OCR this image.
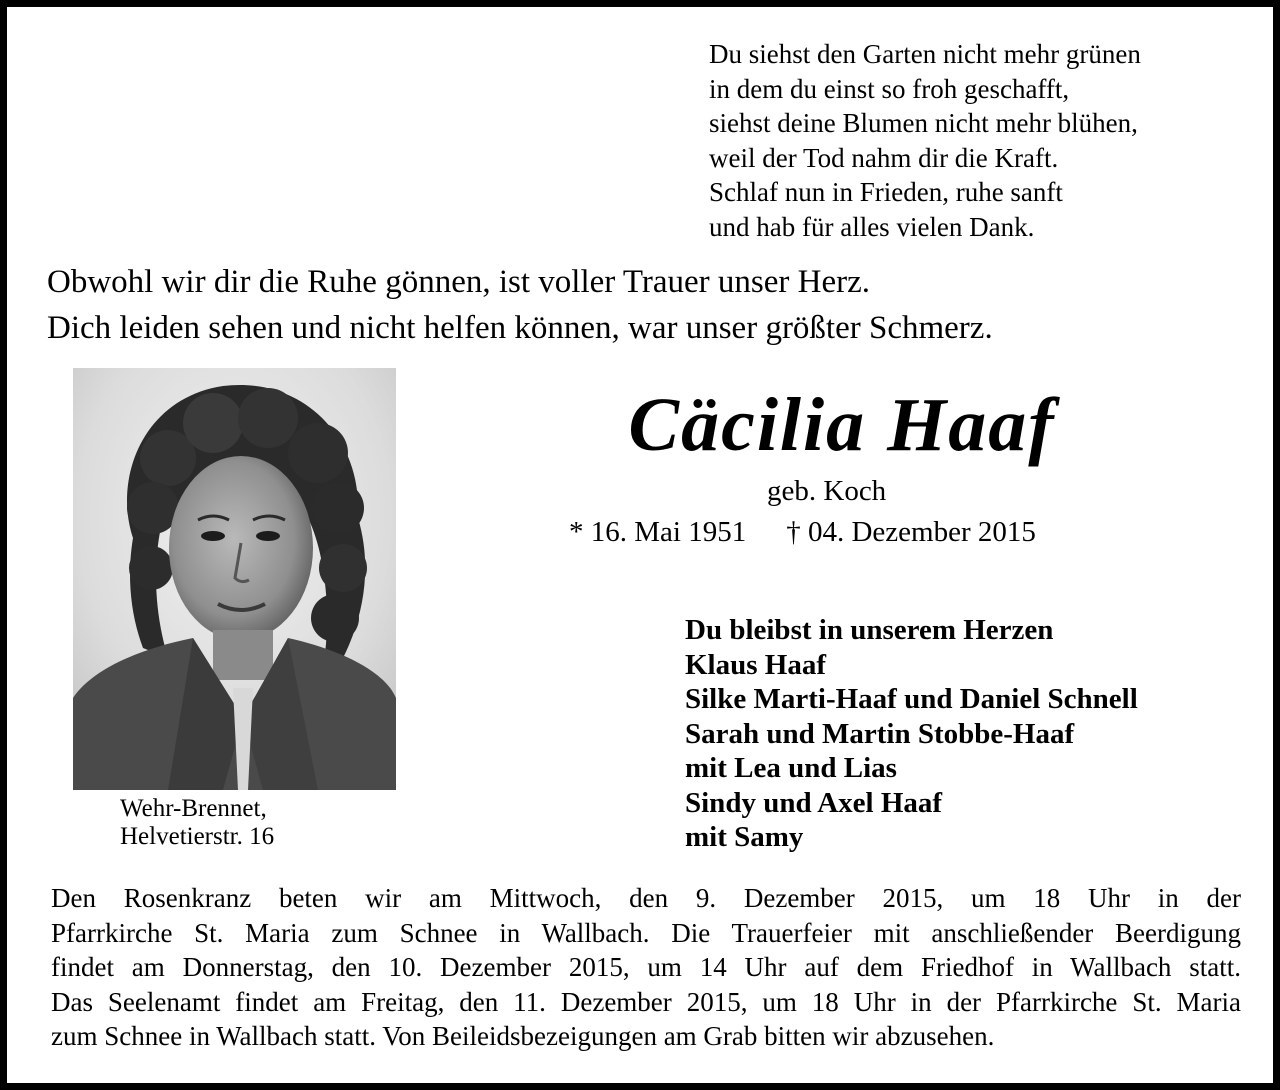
Du siehst den Garten nicht mehr grünen
in dem du einst so froh geschafft,
siehst deine Blumen nicht mehr blühen,
weil der Tod nahm dir die Kraft.
Schlaf nun in Frieden, ruhe sanft
und hab für alles vielen Dank.
Obwohl wir dir die Ruhe gönnen, ist voller Trauer unser Herz.
Dich leiden sehen und nicht helfen können, war unser größter Schmerz.
Wehr-Brennet,
Helvetierstr. 16
Cäcilia Haaf
geb. Koch
* 16. Mai 1951 † 04. Dezember 2015
Du bleibst in unserem Herzen
Klaus Haaf
Silke Marti-Haaf und Daniel Schnell
Sarah und Martin Stobbe-Haaf
mit Lea und Lias
Sindy und Axel Haaf
mit Samy
Den Rosenkranz beten wir am Mittwoch, den 9. Dezember 2015, um 18 Uhr in der
Pfarrkirche St. Maria zum Schnee in Wallbach. Die Trauerfeier mit anschließender Beerdigung
findet am Donnerstag, den 10. Dezember 2015, um 14 Uhr auf dem Friedhof in Wallbach statt.
Das Seelenamt findet am Freitag, den 11. Dezember 2015, um 18 Uhr in der Pfarrkirche St. Maria
zum Schnee in Wallbach statt. Von Beileidsbezeigungen am Grab bitten wir abzusehen.
